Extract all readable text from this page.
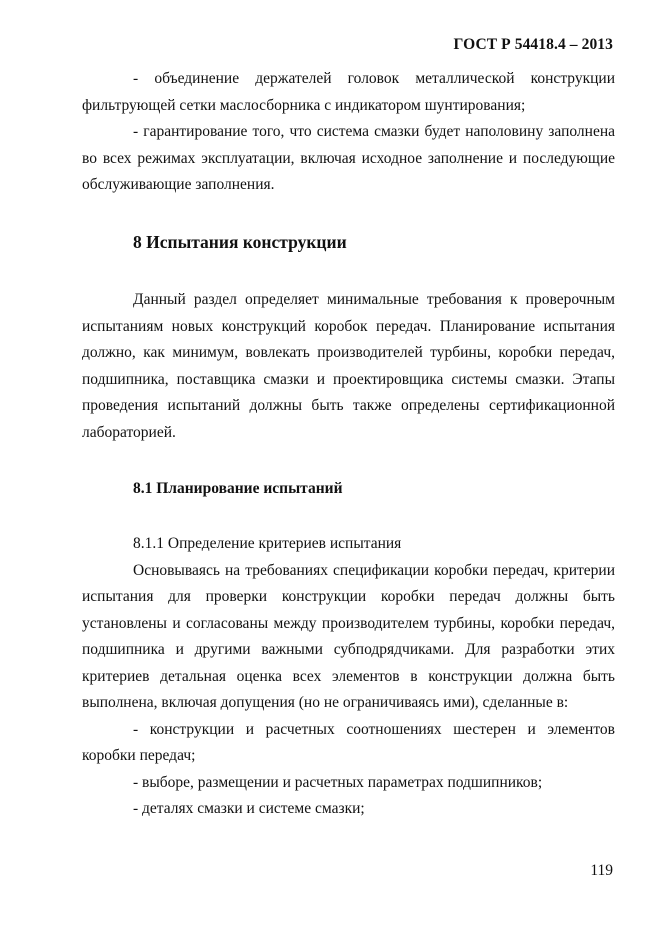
ГОСТ Р 54418.4 – 2013

- объединение держателей головок металлической конструкции фильтрующей сетки маслосборника с индикатором шунтирования;

- гарантирование того, что система смазки будет наполовину заполнена во всех режимах эксплуатации, включая исходное заполнение и последующие обслуживающие заполнения.

8 Испытания конструкции

Данный раздел определяет минимальные требования к проверочным испытаниям новых конструкций коробок передач. Планирование испытания должно, как минимум, вовлекать производителей турбины, коробки передач, подшипника, поставщика смазки и проектировщика системы смазки. Этапы проведения испытаний должны быть также определены сертификационной лабораторией.

8.1 Планирование испытаний

8.1.1 Определение критериев испытания

Основываясь на требованиях спецификации коробки передач, критерии испытания для проверки конструкции коробки передач должны быть установлены и согласованы между производителем турбины, коробки передач, подшипника и другими важными субподрядчиками. Для разработки этих критериев детальная оценка всех элементов в конструкции должна быть выполнена, включая допущения (но не ограничиваясь ими), сделанные в:

- конструкции и расчетных соотношениях шестерен и элементов коробки передач;

- выборе, размещении и расчетных параметрах подшипников;

- деталях смазки и системе смазки;

119
